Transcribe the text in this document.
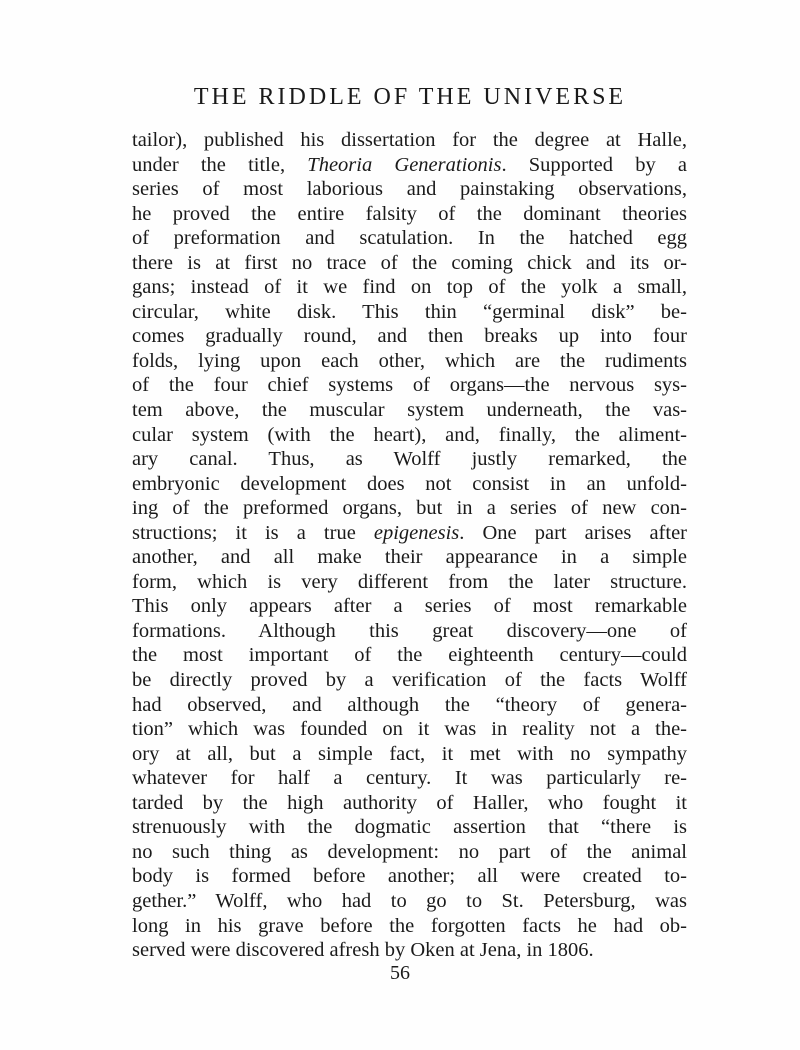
THE RIDDLE OF THE UNIVERSE
tailor), published his dissertation for the degree at Halle,
under the title, Theoria Generationis. Supported by a
series of most laborious and painstaking observations,
he proved the entire falsity of the dominant theories
of preformation and scatulation. In the hatched egg
there is at first no trace of the coming chick and its or-
gans; instead of it we find on top of the yolk a small,
circular, white disk. This thin “germinal disk” be-
comes gradually round, and then breaks up into four
folds, lying upon each other, which are the rudiments
of the four chief systems of organs—the nervous sys-
tem above, the muscular system underneath, the vas-
cular system (with the heart), and, finally, the aliment-
ary canal. Thus, as Wolff justly remarked, the
embryonic development does not consist in an unfold-
ing of the preformed organs, but in a series of new con-
structions; it is a true epigenesis. One part arises after
another, and all make their appearance in a simple
form, which is very different from the later structure.
This only appears after a series of most remarkable
formations. Although this great discovery—one of
the most important of the eighteenth century—could
be directly proved by a verification of the facts Wolff
had observed, and although the “theory of genera-
tion” which was founded on it was in reality not a the-
ory at all, but a simple fact, it met with no sympathy
whatever for half a century. It was particularly re-
tarded by the high authority of Haller, who fought it
strenuously with the dogmatic assertion that “there is
no such thing as development: no part of the animal
body is formed before another; all were created to-
gether.” Wolff, who had to go to St. Petersburg, was
long in his grave before the forgotten facts he had ob-
served were discovered afresh by Oken at Jena, in 1806.
56
